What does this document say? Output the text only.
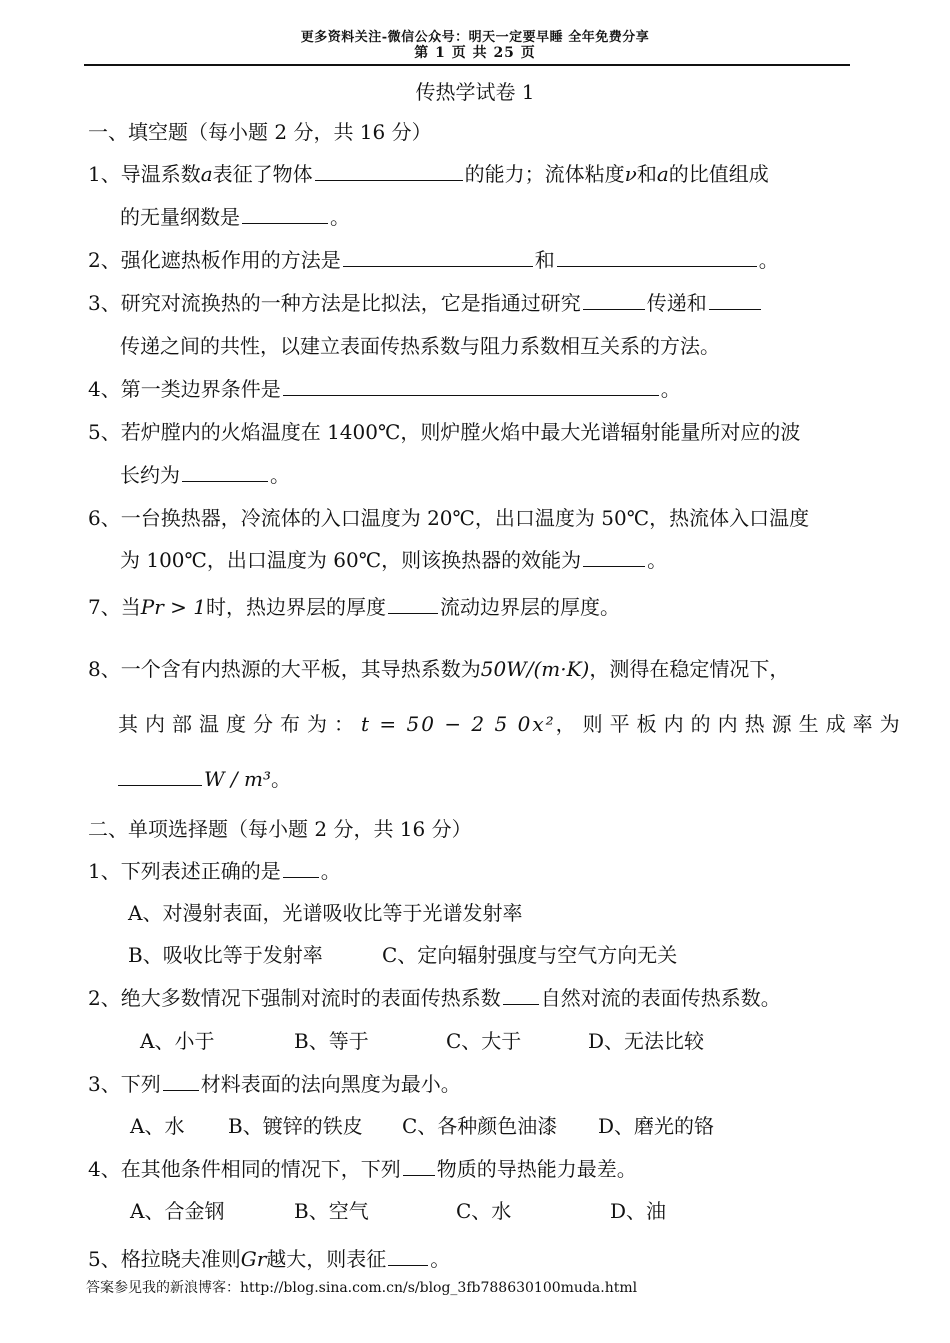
更多资料关注-微信公众号：明天一定要早睡 全年免费分享
第 1 页 共 25 页
传热学试卷 1
一、填空题（每小题 2 分，共 16 分）
1、导温系数a表征了物体	的能力；流体粘度ν和a的比值组成
的无量纲数是	。
2、强化遮热板作用的方法是	和	。
3、研究对流换热的一种方法是比拟法，它是指通过研究	传递和
传递之间的共性，以建立表面传热系数与阻力系数相互关系的方法。
4、第一类边界条件是	。
5、若炉膛内的火焰温度在 1400℃，则炉膛火焰中最大光谱辐射能量所对应的波
长约为	。
6、一台换热器，冷流体的入口温度为 20℃，出口温度为 50℃，热流体入口温度
为 100℃，出口温度为 60℃，则该换热器的效能为	。
7、当Pr > 1时，热边界层的厚度	流动边界层的厚度。
8、一个含有内热源的大平板，其导热系数为50W/(m·K)，测得在稳定情况下，
其内部温度分布为：t = 50 − 2 5 0x²，则平板内的内热源生成率为
W / m³。
二、单项选择题（每小题 2 分，共 16 分）
1、下列表述正确的是 。
A、对漫射表面，光谱吸收比等于光谱发射率
B、吸收比等于发射率	C、定向辐射强度与空气方向无关
2、绝大多数情况下强制对流时的表面传热系数 自然对流的表面传热系数。
A、小于	B、等于	C、大于	D、无法比较
3、下列 材料表面的法向黑度为最小。
A、水 B、镀锌的铁皮 C、各种颜色油漆 D、磨光的铬
4、在其他条件相同的情况下，下列 物质的导热能力最差。
A、合金钢	B、空气	C、水	D、油
5、格拉晓夫准则Gr越大，则表征 。
答案参见我的新浪博客：http://blog.sina.com.cn/s/blog_3fb788630100muda.html
